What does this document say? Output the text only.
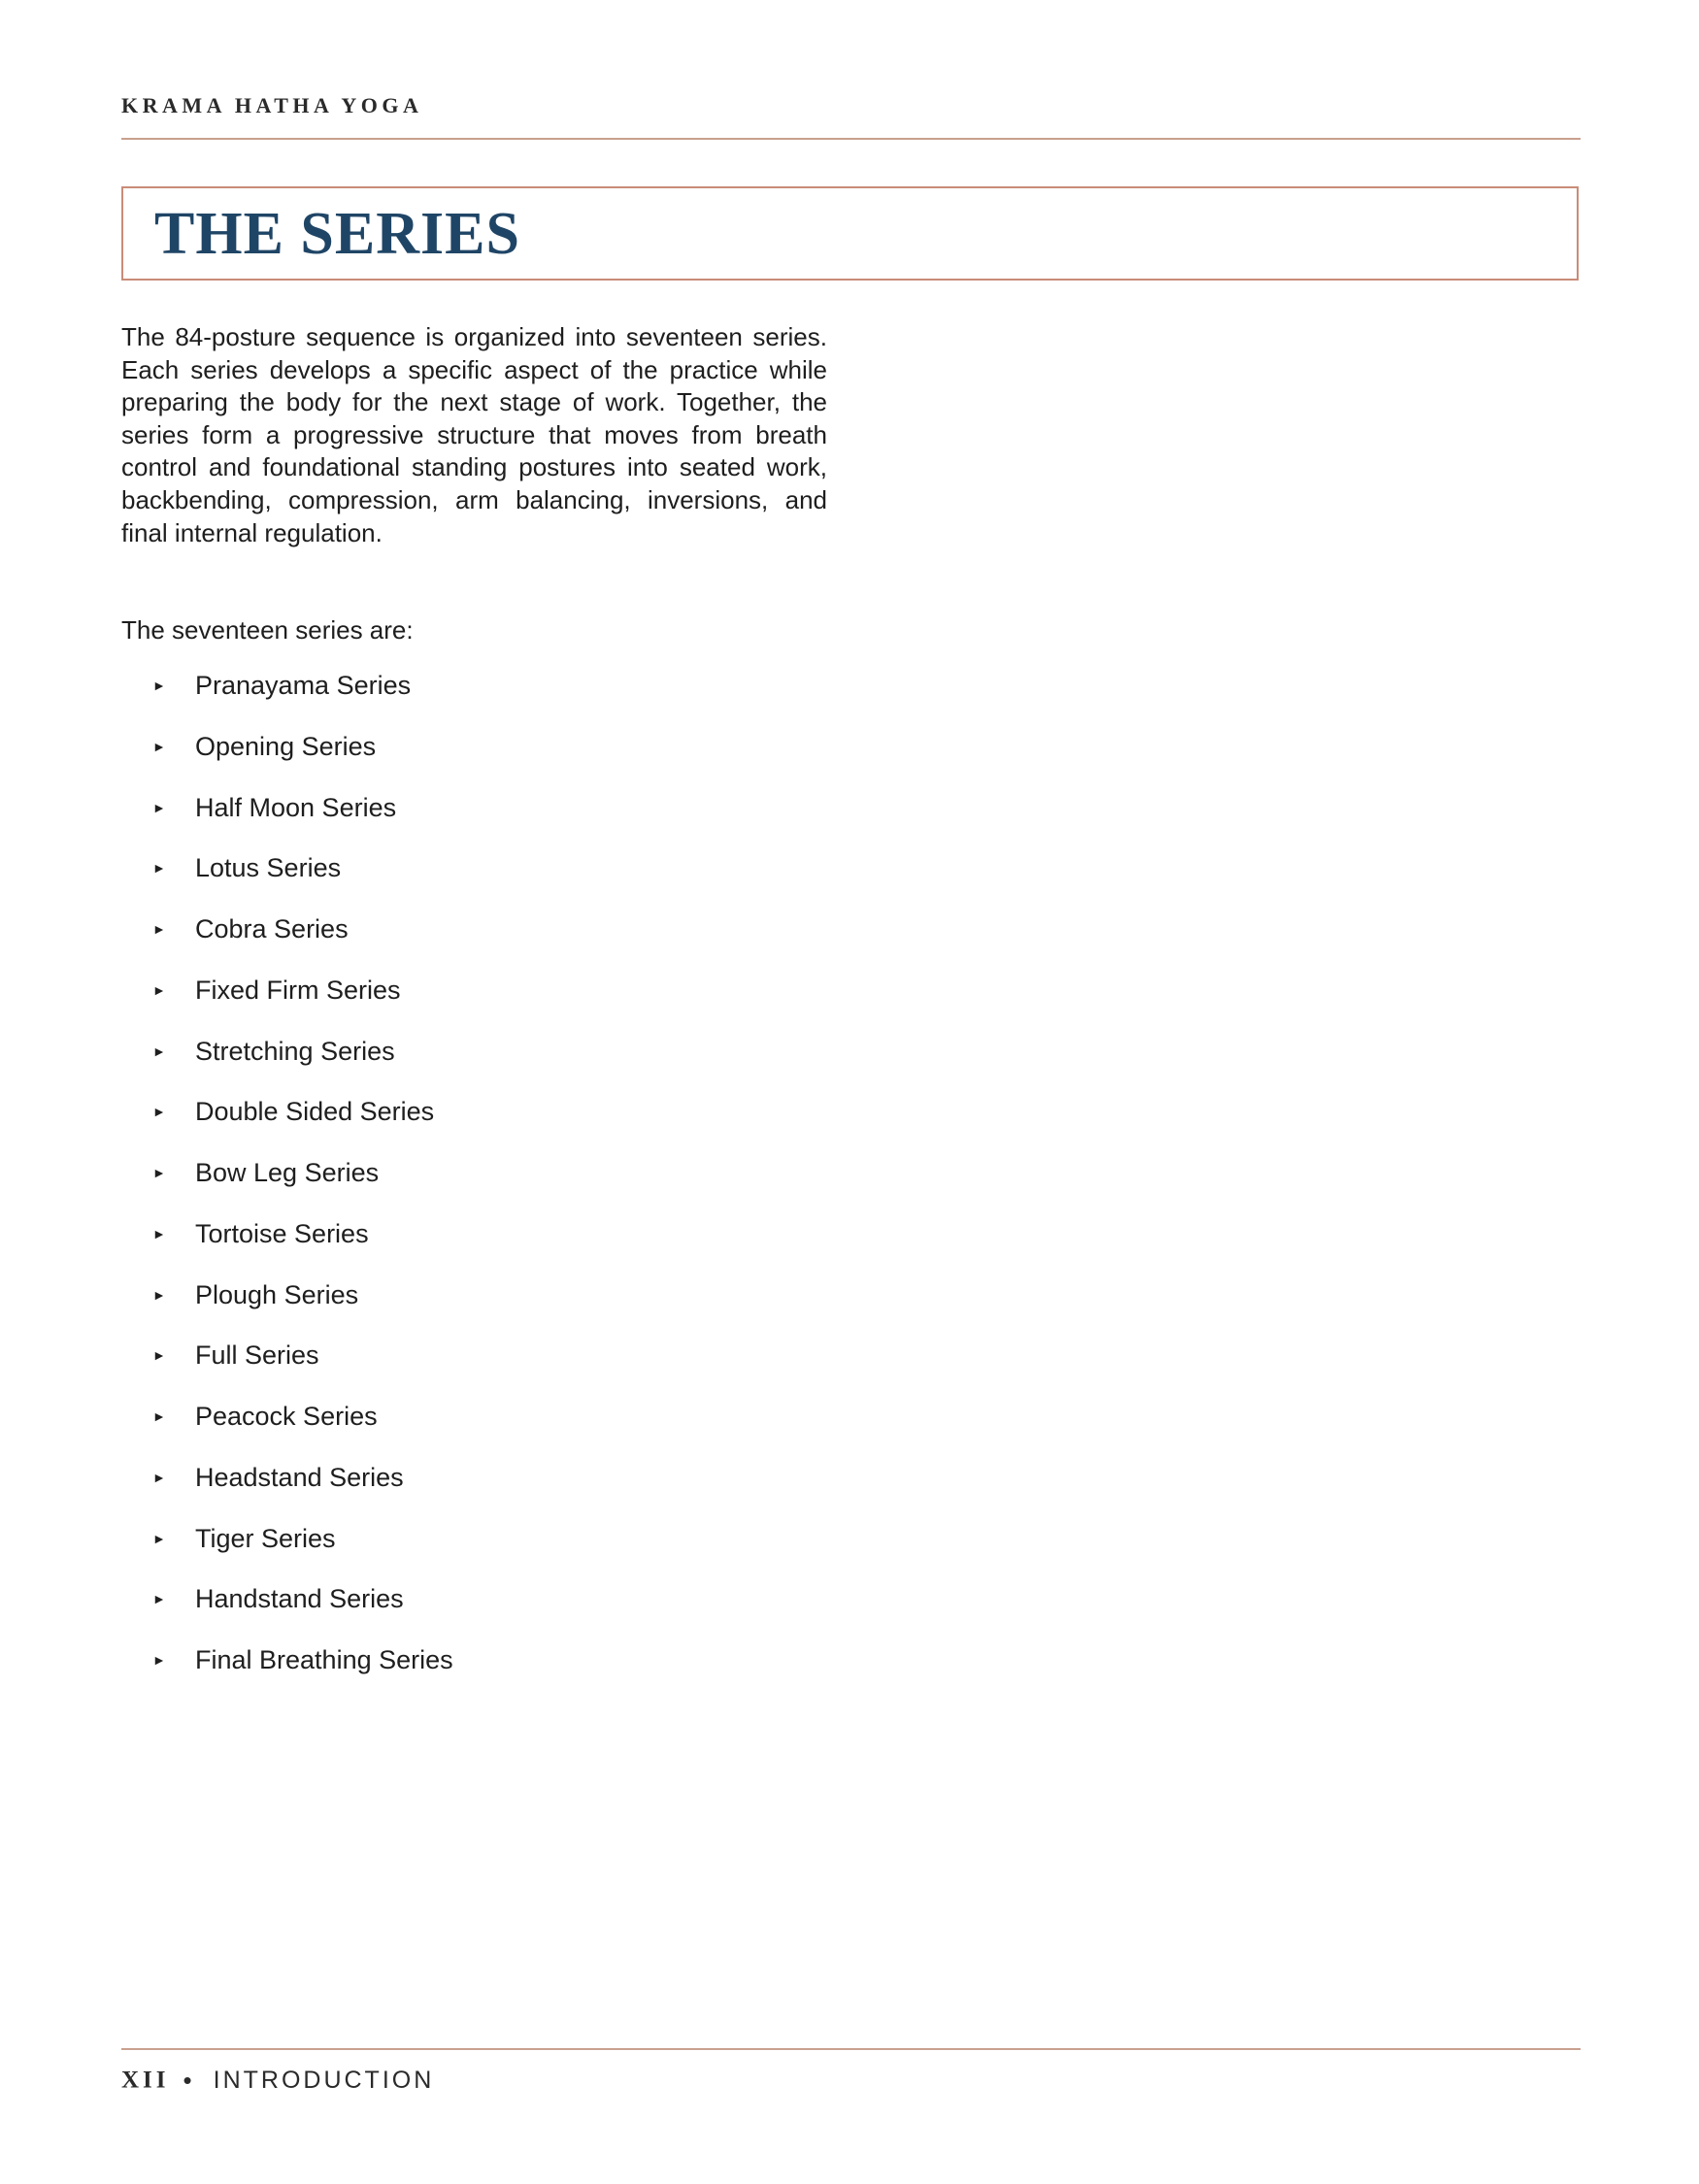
KRAMA HATHA YOGA
THE SERIES

The 84-posture sequence is organized into seventeen series. Each series develops a specific aspect of the practice while preparing the body for the next stage of work. Together, the series form a progressive structure that moves from breath control and foundational standing postures into seated work, backbending, compression, arm balancing, inversions, and final internal regulation.

The seventeen series are:

► Pranayama Series
► Opening Series
► Half Moon Series
► Lotus Series
► Cobra Series
► Fixed Firm Series
► Stretching Series
► Double Sided Series
► Bow Leg Series
► Tortoise Series
► Plough Series
► Full Series
► Peacock Series
► Headstand Series
► Tiger Series
► Handstand Series
► Final Breathing Series
XII • INTRODUCTION
